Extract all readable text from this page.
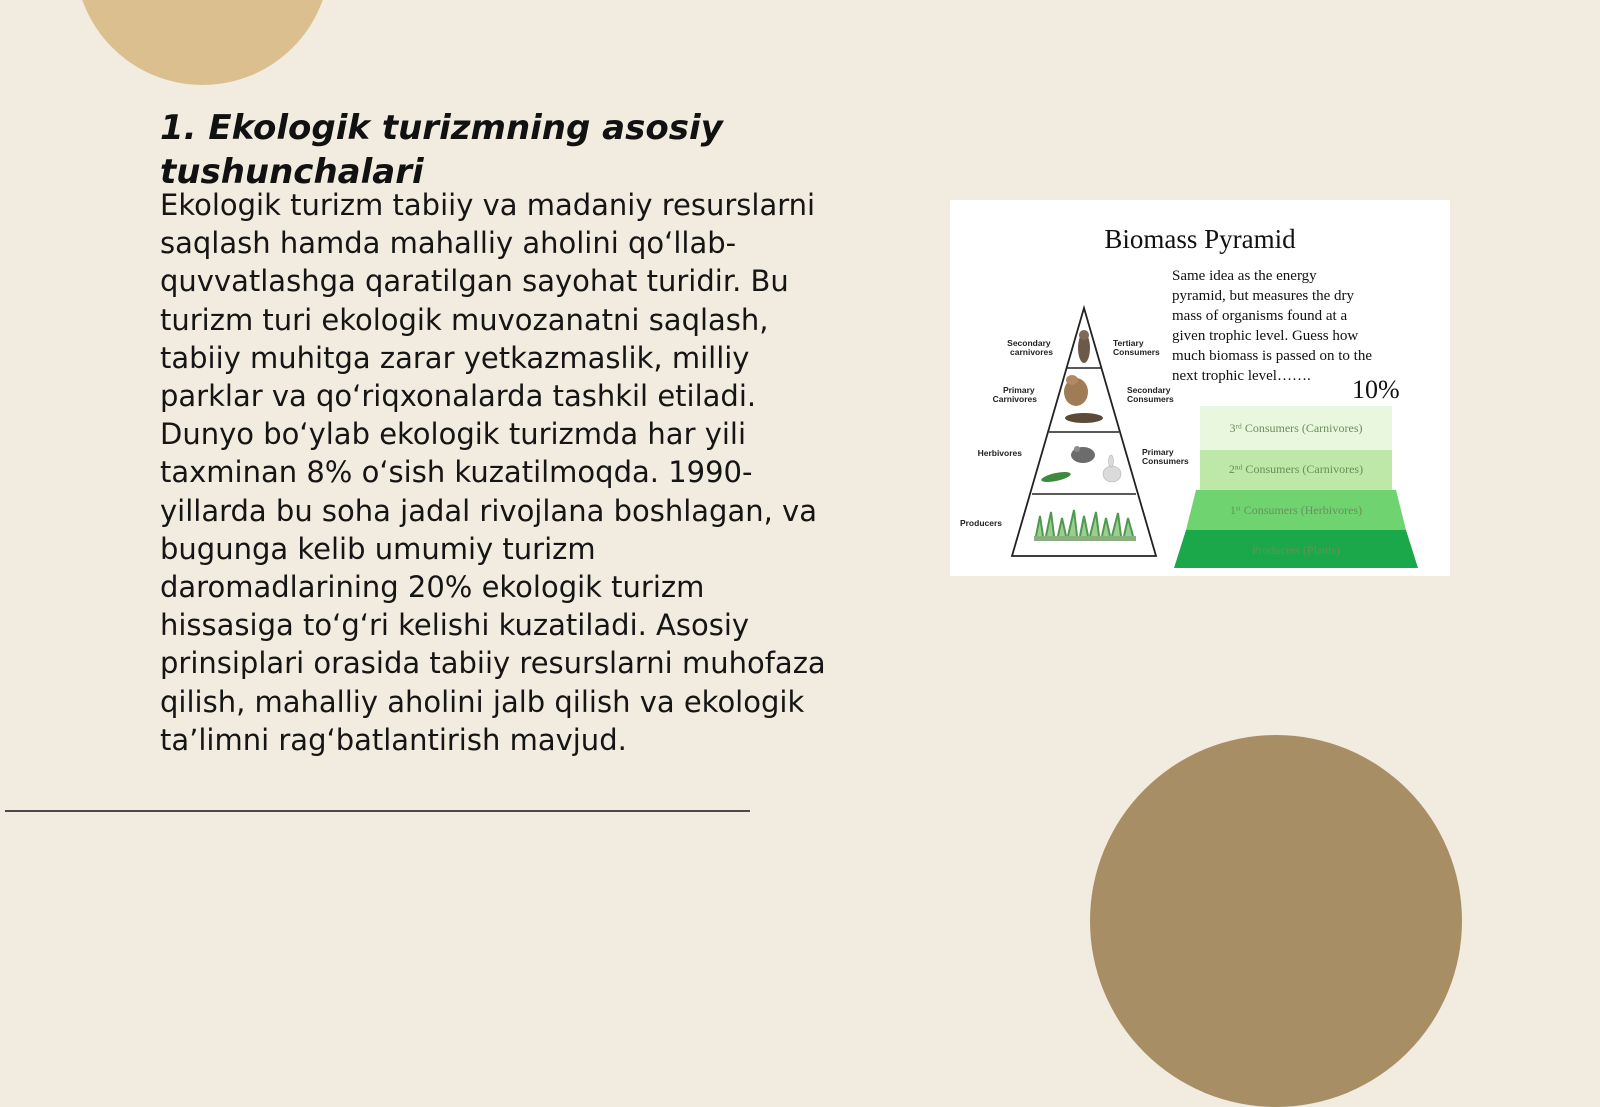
1. Ekologik turizmning asosiy tushunchalari

Ekologik turizm tabiiy va madaniy resurslarni saqlash hamda mahalliy aholini qo‘llab-quvvatlashga qaratilgan sayohat turidir. Bu turizm turi ekologik muvozanatni saqlash, tabiiy muhitga zarar yetkazmaslik, milliy parklar va qo‘riqxonalarda tashkil etiladi. Dunyo bo‘ylab ekologik turizmda har yili taxminan 8% o‘sish kuzatilmoqda. 1990-yillarda bu soha jadal rivojlana boshlagan, va bugunga kelib umumiy turizm daromadlarining 20% ekologik turizm hissasiga to‘g‘ri kelishi kuzatiladi. Asosiy prinsiplari orasida tabiiy resurslarni muhofaza qilish, mahalliy aholini jalb qilish va ekologik ta’limni rag‘batlantirish mavjud.

Biomass Pyramid
Same idea as the energy pyramid, but measures the dry mass of organisms found at a given trophic level. Guess how much biomass is passed on to the next trophic level…….	10%
Secondary carnivores
Primary Carnivores
Herbivores
Producers
Tertiary Consumers
Secondary Consumers
Primary Consumers
3ʳᵈ Consumers (Carnivores)
2ⁿᵈ Consumers (Carnivores)
1ˢᵗ Consumers (Herbivores)
Producers (Plants)
